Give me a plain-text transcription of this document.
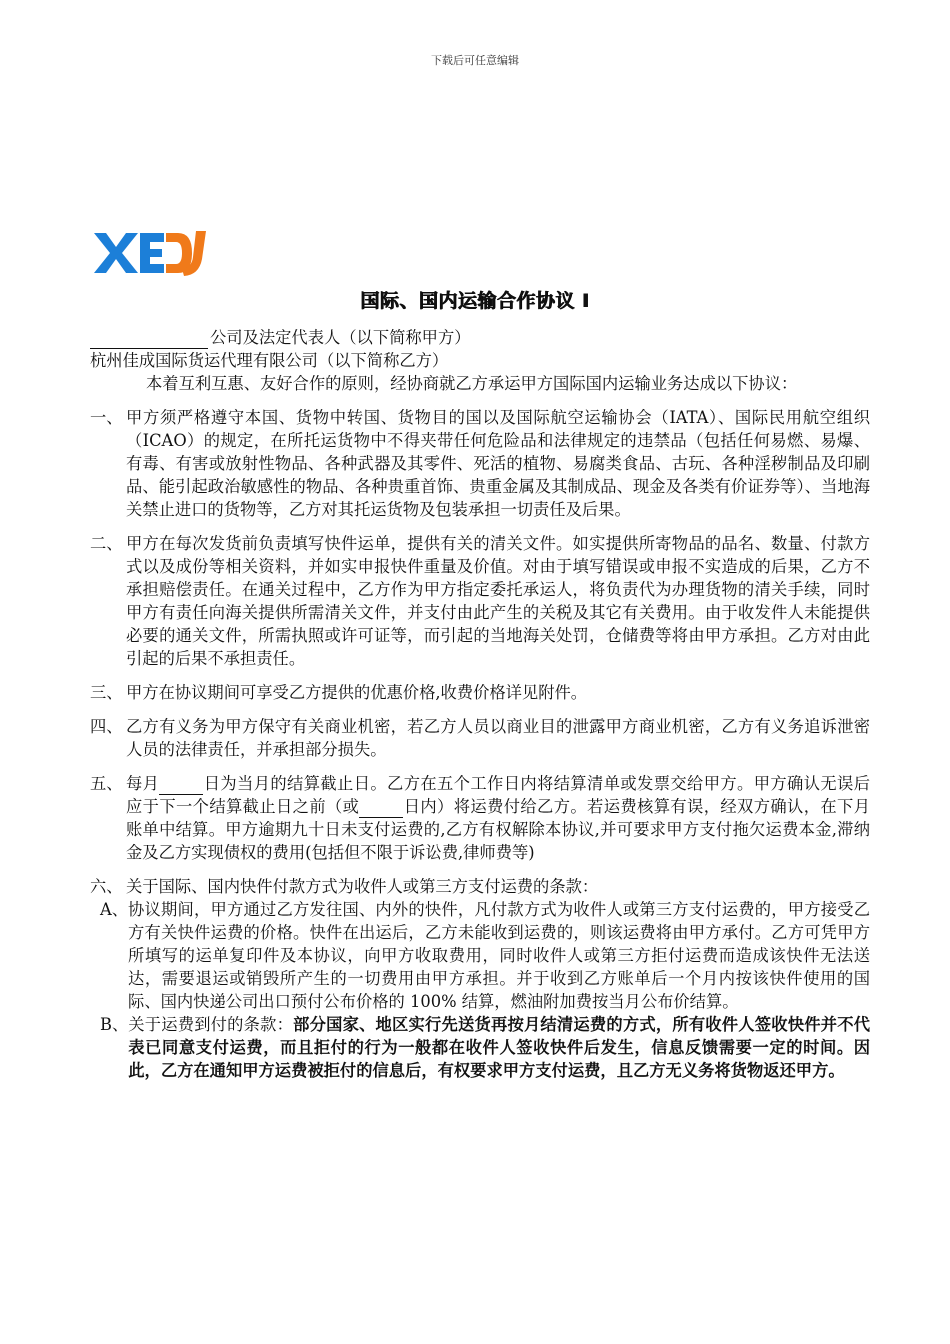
下载后可任意编辑
国际、国内运输合作协议 I

公司及法定代表人（以下简称甲方）

杭州佳成国际货运代理有限公司（以下简称乙方）

本着互利互惠、友好合作的原则，经协商就乙方承运甲方国际国内运输业务达成以下协议：

一、 甲方须严格遵守本国、货物中转国、货物目的国以及国际航空运输协会（IATA）、国际民用航空组织（ICAO）的规定，在所托运货物中不得夹带任何危险品和法律规定的违禁品（包括任何易燃、易爆、有毒、有害或放射性物品、各种武器及其零件、死活的植物、易腐类食品、古玩、各种淫秽制品及印刷品、能引起政治敏感性的物品、各种贵重首饰、贵重金属及其制成品、现金及各类有价证券等）、当地海关禁止进口的货物等，乙方对其托运货物及包装承担一切责任及后果。
二、 甲方在每次发货前负责填写快件运单，提供有关的清关文件。如实提供所寄物品的品名、数量、付款方式以及成份等相关资料，并如实申报快件重量及价值。对由于填写错误或申报不实造成的后果，乙方不承担赔偿责任。在通关过程中，乙方作为甲方指定委托承运人，将负责代为办理货物的清关手续，同时甲方有责任向海关提供所需清关文件，并支付由此产生的关税及其它有关费用。由于收发件人未能提供必要的通关文件，所需执照或许可证等，而引起的当地海关处罚，仓储费等将由甲方承担。乙方对由此引起的后果不承担责任。
三、 甲方在协议期间可享受乙方提供的优惠价格,收费价格详见附件。
四、 乙方有义务为甲方保守有关商业机密，若乙方人员以商业目的泄露甲方商业机密，乙方有义务追诉泄密人员的法律责任，并承担部分损失。
五、 每月	日为当月的结算截止日。乙方在五个工作日内将结算清单或发票交给甲方。甲方确认无误后应于下一个结算截止日之前（或	日内）将运费付给乙方。若运费核算有误，经双方确认，在下月账单中结算。甲方逾期九十日未支付运费的,乙方有权解除本协议,并可要求甲方支付拖欠运费本金,滞纳金及乙方实现债权的费用(包括但不限于诉讼费,律师费等)
六、 关于国际、国内快件付款方式为收件人或第三方支付运费的条款：
A、 协议期间，甲方通过乙方发往国、内外的快件，凡付款方式为收件人或第三方支付运费的，甲方接受乙方有关快件运费的价格。快件在出运后，乙方未能收到运费的，则该运费将由甲方承付。乙方可凭甲方所填写的运单复印件及本协议，向甲方收取费用，同时收件人或第三方拒付运费而造成该快件无法送达，需要退运或销毁所产生的一切费用由甲方承担。并于收到乙方账单后一个月内按该快件使用的国际、国内快递公司出口预付公布价格的 100% 结算，燃油附加费按当月公布价结算。
B、 关于运费到付的条款：部分国家、地区实行先送货再按月结清运费的方式，所有收件人签收快件并不代表已同意支付运费，而且拒付的行为一般都在收件人签收快件后发生，信息反馈需要一定的时间。因此，乙方在通知甲方运费被拒付的信息后，有权要求甲方支付运费，且乙方无义务将货物返还甲方。
